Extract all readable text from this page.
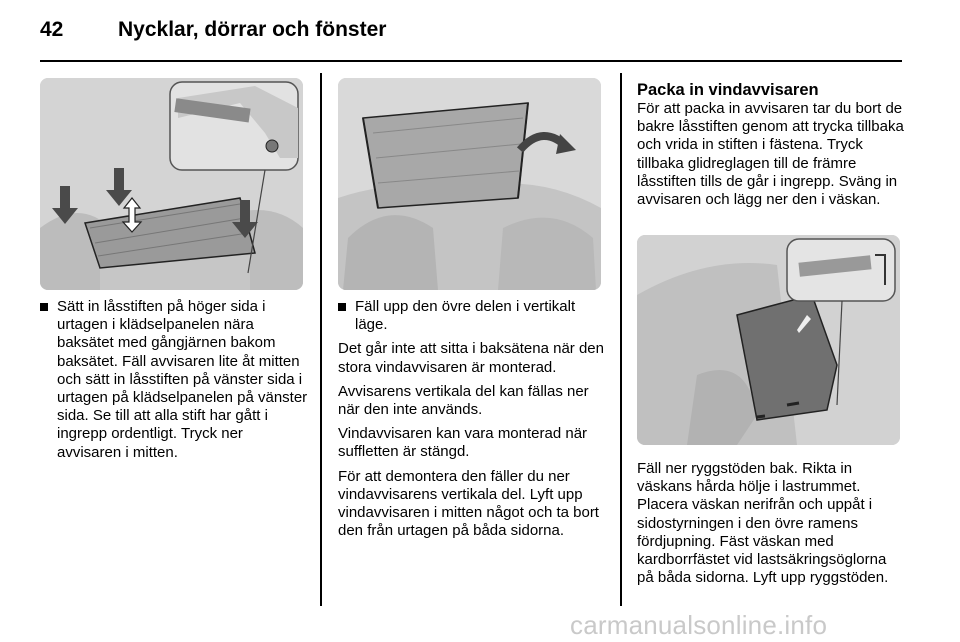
42	Nycklar, dörrar och fönster
Sätt in låsstiften på höger sida i urtagen i klädselpanelen nära baksätet med gångjärnen bakom baksätet. Fäll avvisaren lite åt mitten och sätt in låsstiften på vänster sida i urtagen på klädselpanelen på vänster sida. Se till att alla stift har gått i ingrepp ordentligt. Tryck ner avvisaren i mitten.
Fäll upp den övre delen i vertikalt läge.

Det går inte att sitta i baksätena när den stora vindavvisaren är monterad.

Avvisarens vertikala del kan fällas ner när den inte används.

Vindavvisaren kan vara monterad när suffletten är stängd.

För att demontera den fäller du ner vindavvisarens vertikala del. Lyft upp vindavvisaren i mitten något och ta bort den från urtagen på båda sidorna.

Packa in vindavvisaren

För att packa in avvisaren tar du bort de bakre låsstiften genom att trycka tillbaka och vrida in stiften i fästena. Tryck tillbaka glidreglagen till de främre låsstiften tills de går i ingrepp. Sväng in avvisaren och lägg ner den i väskan.

Fäll ner ryggstöden bak. Rikta in väskans hårda hölje i lastrummet. Placera väskan nerifrån och uppåt i sidostyrningen i den övre ramens fördjupning. Fäst väskan med kardborrfästet vid lastsäkringsöglorna på båda sidorna. Lyft upp ryggstöden.

carmanualsonline.info
